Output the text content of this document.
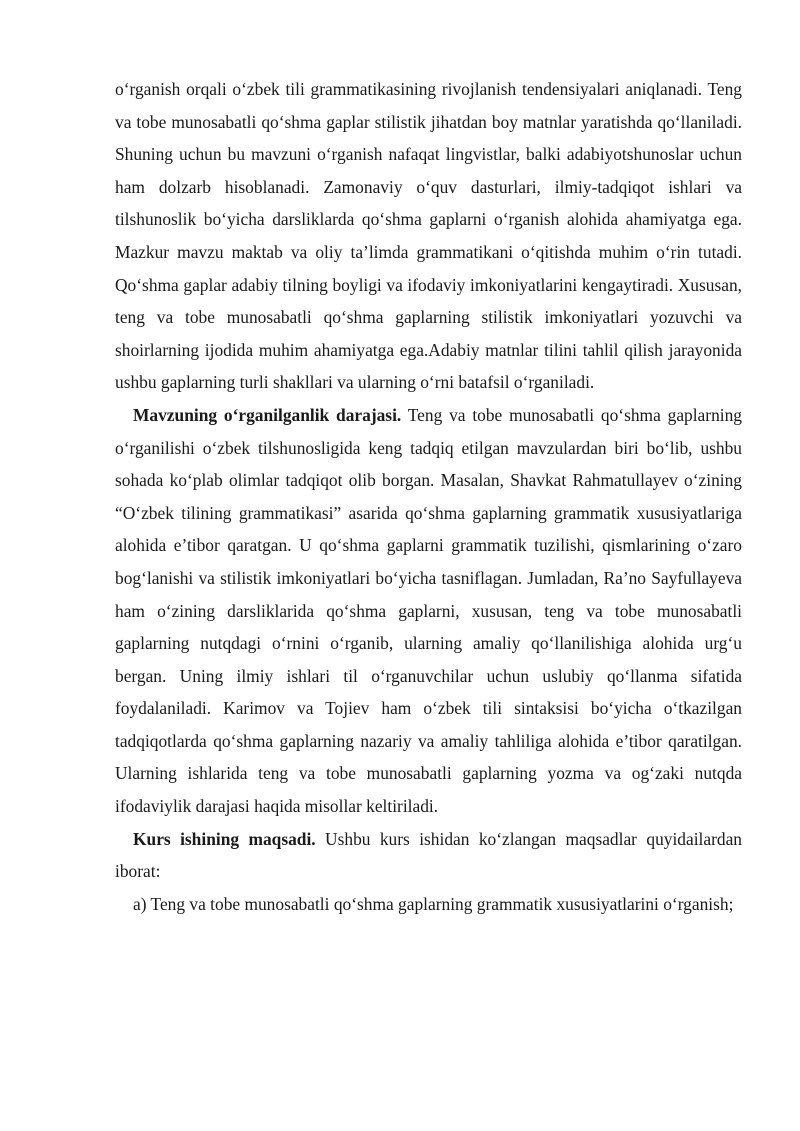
o‘rganish orqali o‘zbek tili grammatikasining rivojlanish tendensiyalari aniqlanadi. Teng va tobe munosabatli qo‘shma gaplar stilistik jihatdan boy matnlar yaratishda qo‘llaniladi. Shuning uchun bu mavzuni o‘rganish nafaqat lingvistlar, balki adabiyotshunoslar uchun ham dolzarb hisoblanadi. Zamonaviy o‘quv dasturlari, ilmiy-tadqiqot ishlari va tilshunoslik bo‘yicha darsliklarda qo‘shma gaplarni o‘rganish alohida ahamiyatga ega. Mazkur mavzu maktab va oliy ta’limda grammatikani o‘qitishda muhim o‘rin tutadi. Qo‘shma gaplar adabiy tilning boyligi va ifodaviy imkoniyatlarini kengaytiradi. Xususan, teng va tobe munosabatli qo‘shma gaplarning stilistik imkoniyatlari yozuvchi va shoirlarning ijodida muhim ahamiyatga ega.Adabiy matnlar tilini tahlil qilish jarayonida ushbu gaplarning turli shakllari va ularning o‘rni batafsil o‘rganiladi.

Mavzuning o‘rganilganlik darajasi. Teng va tobe munosabatli qo‘shma gaplarning o‘rganilishi o‘zbek tilshunosligida keng tadqiq etilgan mavzulardan biri bo‘lib, ushbu sohada ko‘plab olimlar tadqiqot olib borgan. Masalan, Shavkat Rahmatullayev o‘zining “O‘zbek tilining grammatikasi” asarida qo‘shma gaplarning grammatik xususiyatlariga alohida e’tibor qaratgan. U qo‘shma gaplarni grammatik tuzilishi, qismlarining o‘zaro bog‘lanishi va stilistik imkoniyatlari bo‘yicha tasniflagan. Jumladan, Ra’no Sayfullayeva ham o‘zining darsliklarida qo‘shma gaplarni, xususan, teng va tobe munosabatli gaplarning nutqdagi o‘rnini o‘rganib, ularning amaliy qo‘llanilishiga alohida urg‘u bergan. Uning ilmiy ishlari til o‘rganuvchilar uchun uslubiy qo‘llanma sifatida foydalaniladi. Karimov va Tojiev ham o‘zbek tili sintaksisi bo‘yicha o‘tkazilgan tadqiqotlarda qo‘shma gaplarning nazariy va amaliy tahliliga alohida e’tibor qaratilgan. Ularning ishlarida teng va tobe munosabatli gaplarning yozma va og‘zaki nutqda ifodaviylik darajasi haqida misollar keltiriladi.

Kurs ishining maqsadi. Ushbu kurs ishidan ko‘zlangan maqsadlar quyidailardan iborat:

a) Teng va tobe munosabatli qo‘shma gaplarning grammatik xususiyatlarini o‘rganish;
